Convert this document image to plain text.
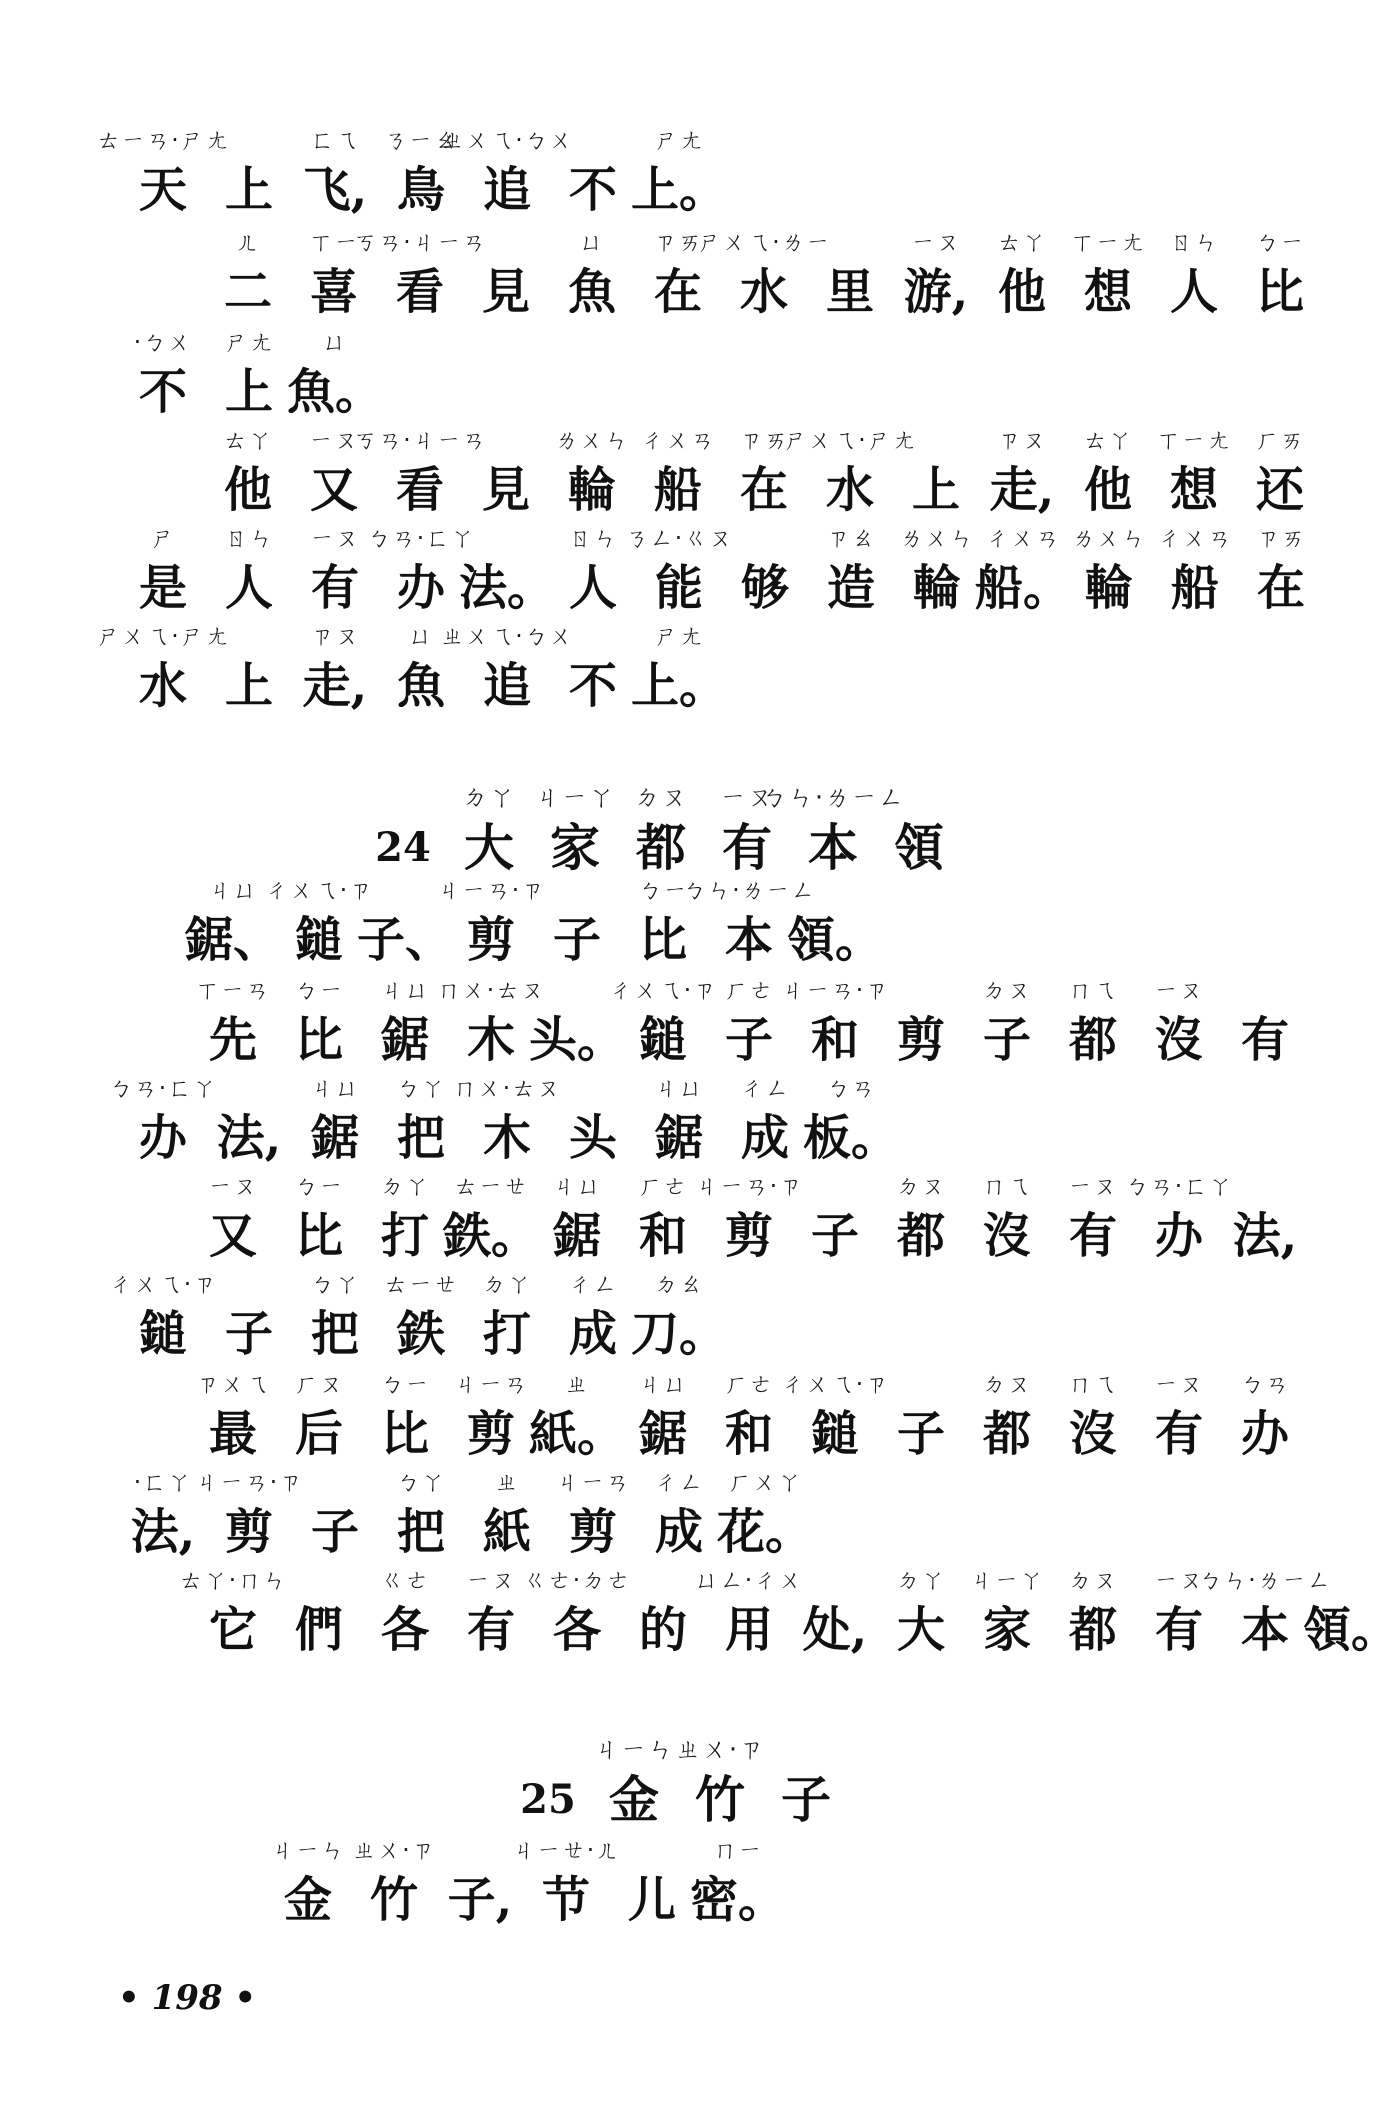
ㄊㄧㄢ·ㄕㄤ
天 上
ㄈㄟ
飞,
ㄋㄧㄠ
鳥
ㄓㄨㄟ·ㄅㄨ
追 不
ㄕㄤ
上。
ㄦ
二
ㄒㄧ
喜
ㄎㄢ·ㄐㄧㄢ
看 見
ㄩ
魚
ㄗㄞ
在
ㄕㄨㄟ·ㄌㄧ
水 里
ㄧㄡ
游,
ㄊㄚ
他
ㄒㄧㄤ
想
ㄖㄣ
人
ㄅㄧ
比
·ㄅㄨ
不
ㄕㄤ
上
ㄩ
魚。
ㄊㄚ
他
ㄧㄡ
又
ㄎㄢ·ㄐㄧㄢ
看 見
ㄌㄨㄣ
輪
ㄔㄨㄢ
船
ㄗㄞ
在
ㄕㄨㄟ·ㄕㄤ
水 上
ㄗㄡ
走,
ㄊㄚ
他
ㄒㄧㄤ
想
ㄏㄞ
还
ㄕ
是
ㄖㄣ
人
ㄧㄡ
有
ㄅㄢ·ㄈㄚ
办 法。
ㄖㄣ
人
ㄋㄥ·ㄍㄡ
能 够
ㄗㄠ
造
ㄌㄨㄣ
輪
ㄔㄨㄢ
船。
ㄌㄨㄣ
輪
ㄔㄨㄢ
船
ㄗㄞ
在
ㄕㄨㄟ·ㄕㄤ
水 上
ㄗㄡ
走,
ㄩ
魚
ㄓㄨㄟ·ㄅㄨ
追 不
ㄕㄤ
上。
24
ㄉㄚ
大
ㄐㄧㄚ
家
ㄉㄡ
都
ㄧㄡ
有
ㄅㄣ·ㄌㄧㄥ
本 領
ㄐㄩ
鋸、
ㄔㄨㄟ·ㄗ
鎚 子、
ㄐㄧㄢ·ㄗ
剪 子
ㄅㄧ
比
ㄅㄣ·ㄌㄧㄥ
本 領。
ㄒㄧㄢ
先
ㄅㄧ
比
ㄐㄩ
鋸
ㄇㄨ·ㄊㄡ
木 头。
ㄔㄨㄟ·ㄗ
鎚
ㄏㄜ
子
ㄐㄧㄢ·ㄗ
和 剪
ㄉㄡ
子
ㄇㄟ
都
ㄧㄡ
沒 有
ㄅㄢ·ㄈㄚ
办 法,
ㄐㄩ
鋸
ㄅㄚ
把
ㄇㄨ·ㄊㄡ
木 头
ㄐㄩ
鋸
ㄔㄥ
成
ㄅㄢ
板。
ㄧㄡ
又
ㄅㄧ
比
ㄉㄚ
打
ㄊㄧㄝ
鉄。
ㄐㄩ
鋸
ㄏㄜ
和
ㄐㄧㄢ·ㄗ
剪 子
ㄉㄡ
都
ㄇㄟ
沒
ㄧㄡ
有
ㄅㄢ·ㄈㄚ
办 法,
ㄔㄨㄟ·ㄗ
鎚 子
ㄅㄚ
把
ㄊㄧㄝ
鉄
ㄉㄚ
打
ㄔㄥ
成
ㄉㄠ
刀。
ㄗㄨㄟ
最
ㄏㄡ
后
ㄅㄧ
比
ㄐㄧㄢ
剪
ㄓ
紙。
ㄐㄩ
鋸
ㄏㄜ
和
ㄔㄨㄟ·ㄗ
鎚 子
ㄉㄡ
都
ㄇㄟ
沒
ㄧㄡ
有
ㄅㄢ
办
·ㄈㄚ
法,
ㄐㄧㄢ·ㄗ
剪 子
ㄅㄚ
把
ㄓ
紙
ㄐㄧㄢ
剪
ㄔㄥ
成
ㄏㄨㄚ
花。
ㄊㄚ·ㄇㄣ
它 們
ㄍㄜ
各
ㄧㄡ
有
ㄍㄜ·ㄉㄜ
各 的
ㄩㄥ·ㄔㄨ
用 处,
ㄉㄚ
大
ㄐㄧㄚ
家
ㄉㄡ
都
ㄧㄡ
有
ㄅㄣ·ㄌㄧㄥ
本 領。
25
ㄐㄧㄣ
金
ㄓㄨ·ㄗ
竹 子
ㄐㄧㄣ
金
ㄓㄨ·ㄗ
竹 子,
ㄐㄧㄝ·ㄦ
节 儿
ㄇㄧ
密。
• 198 •
